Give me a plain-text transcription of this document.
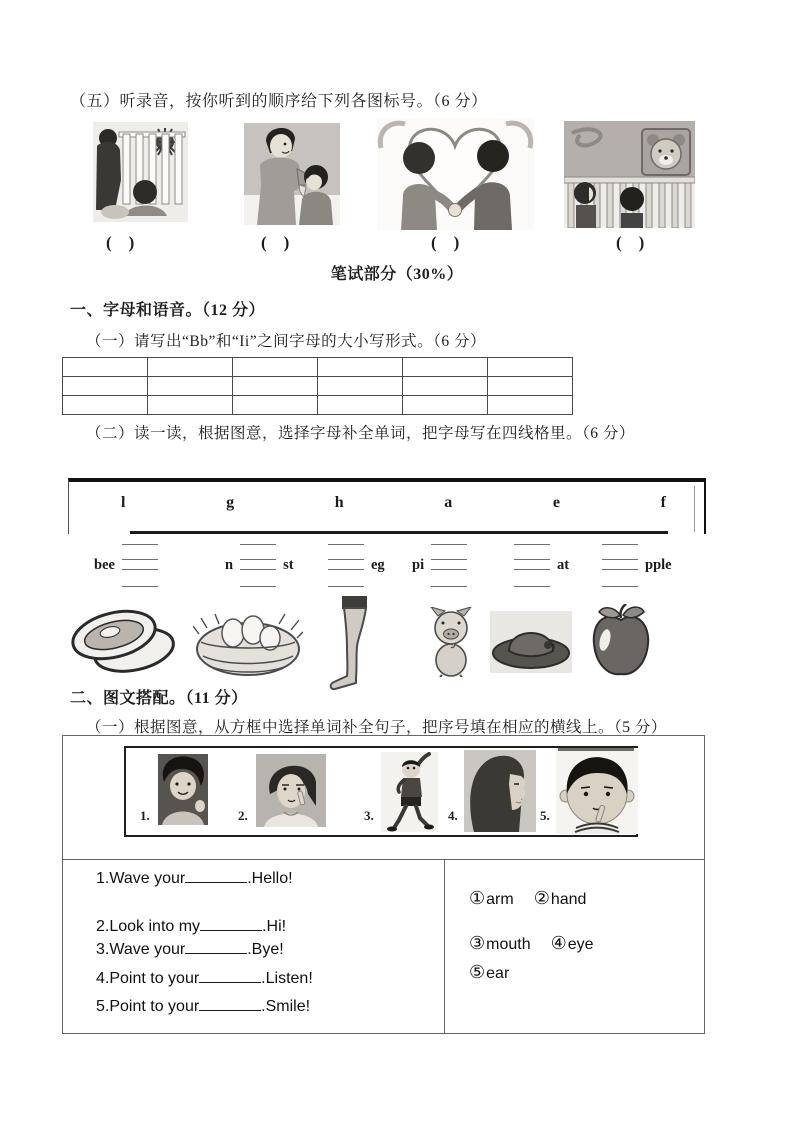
（五）听录音，按你听到的顺序给下列各图标号。（6 分）
(    )	(    )	(    )	(    )
笔试部分（30%）
一、字母和语音。（12 分）
（一）请写出“Bb”和“Ii”之间字母的大小写形式。（6 分）

（二）读一读，根据图意，选择字母补全单词，把字母写在四线格里。（6 分）
l	g	h	a	e	f
bee	n	st	eg pi	at	pple
二、图文搭配。（11 分）
（一）根据图意，从方框中选择单词补全句子，把序号填在相应的横线上。（5 分）
1.	2.	3.	4.	5.
1.Wave your	.Hello!
2.Look into my	.Hi!
3.Wave your	.Bye!
4.Point to your	.Listen!
5.Point to your	.Smile!
①arm ②hand
③mouth ④eye
⑤ear
